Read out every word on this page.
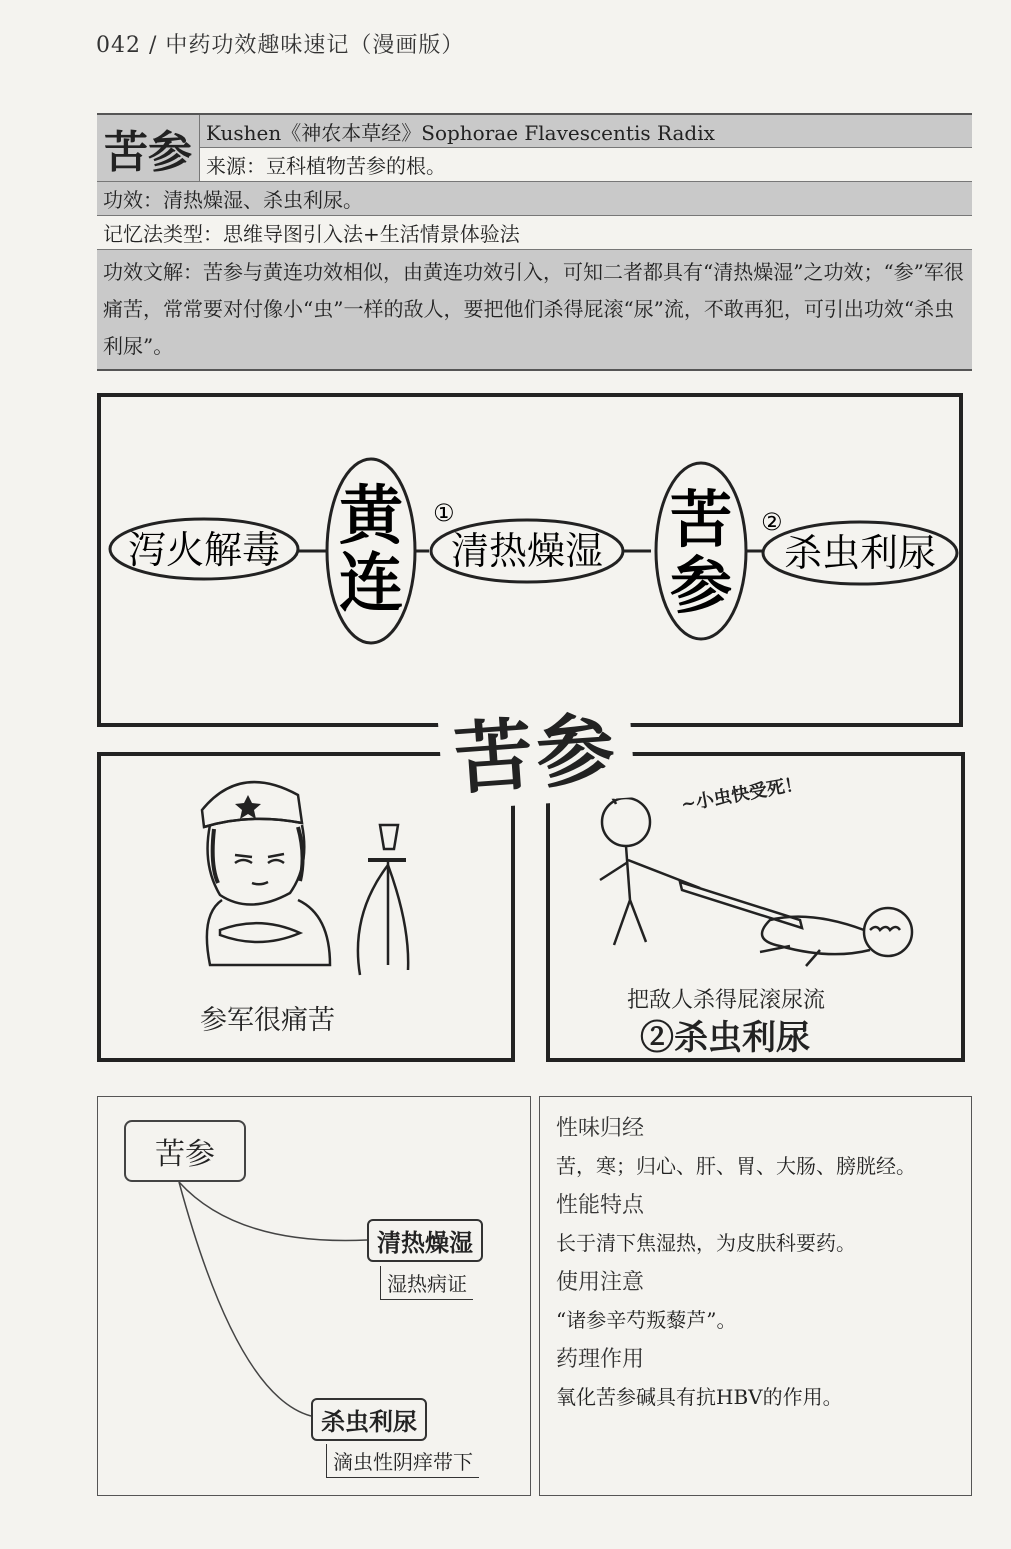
042 / 中药功效趣味速记（漫画版）
苦参 Kushen《神农本草经》Sophorae Flavescentis Radix
来源：豆科植物苦参的根。
功效： 清热燥湿、杀虫利尿。
记忆法类型： 思维导图引入法+生活情景体验法
功效文解：苦参与黄连功效相似，由黄连功效引入，可知二者都具有“清热燥湿”之功效；“参”军很痛苦，常常要对付像小“虫”一样的敌人，要把他们杀得屁滚“尿”流，不敢再犯，可引出功效“杀虫利尿”。
泻火解毒 黄
连
①
清热燥湿 苦
参
②
杀虫利尿
参军很痛苦
~小虫快受死！
把敌人杀得屁滚尿流
②杀虫利尿
苦参
苦参
清热燥湿
湿热病证
杀虫利尿
滴虫性阴痒带下
性味归经
苦，寒；归心、肝、胃、大肠、膀胱经。
性能特点
长于清下焦湿热，为皮肤科要药。
使用注意
“诸参辛芍叛藜芦”。
药理作用
氧化苦参碱具有抗HBV的作用。
